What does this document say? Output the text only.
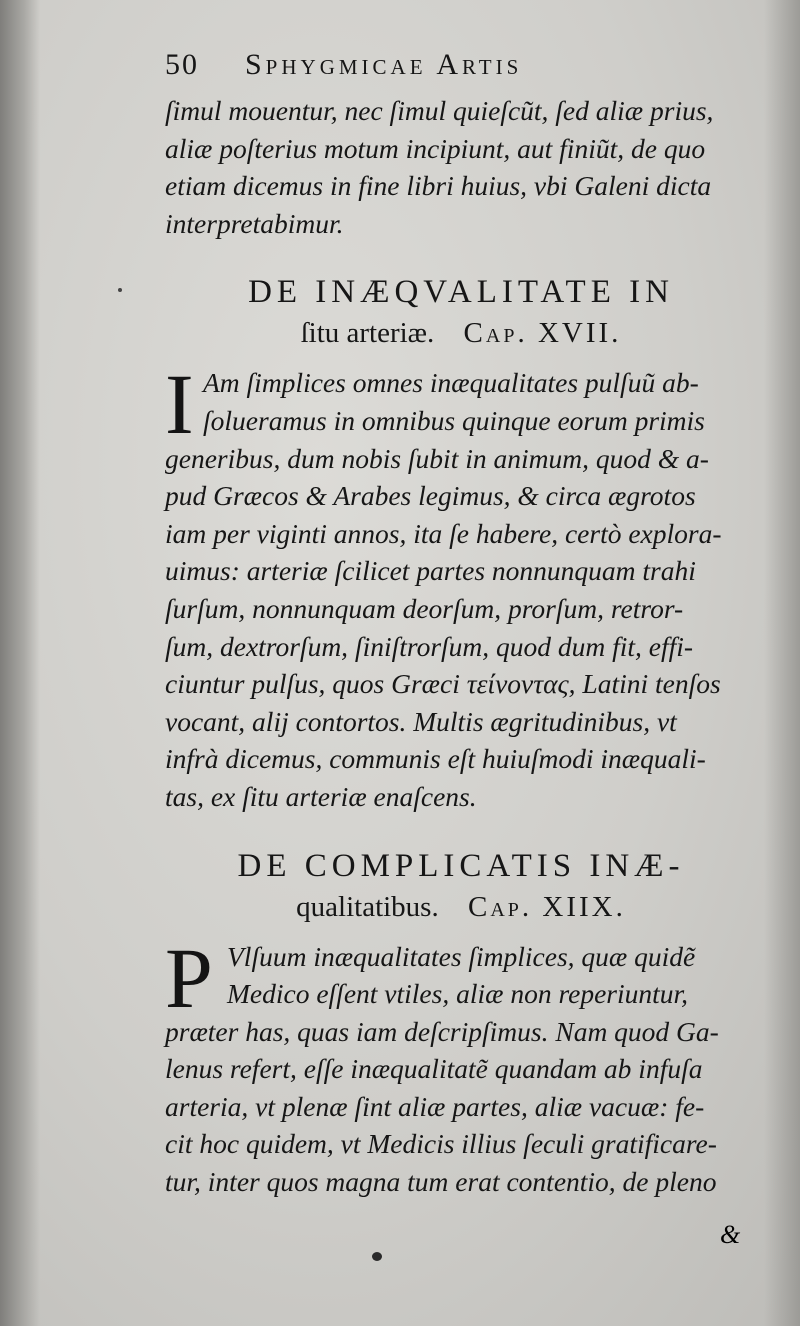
50	Sphygmicae Artis
ſimul mouentur, nec ſimul quieſcũt, ſed aliæ prius,
aliæ poſterius motum incipiunt, aut finiũt, de quo
etiam dicemus in fine libri huius, vbi Galeni dicta
interpretabimur.
DE INÆQVALITATE IN
ſitu arteriæ. Cap. XVII.
I Am ſimplices omnes inæqualitates pulſuũ ab-
ſolueramus in omnibus quinque eorum primis
generibus, dum nobis ſubit in animum, quod & a-
pud Græcos & Arabes legimus, & circa ægrotos
iam per viginti annos, ita ſe habere, certò explora-
uimus: arteriæ ſcilicet partes nonnunquam trahi
ſurſum, nonnunquam deorſum, prorſum, retror-
ſum, dextrorſum, ſiniſtrorſum, quod dum fit, effi-
ciuntur pulſus, quos Græci τείνοντας, Latini tenſos
vocant, alij contortos. Multis ægritudinibus, vt
infrà dicemus, communis eſt huiuſmodi inæquali-
tas, ex ſitu arteriæ enaſcens.
DE COMPLICATIS INÆ-
qualitatibus. Cap. XIIX.
P Vlſuum inæqualitates ſimplices, quæ quidẽ
Medico eſſent vtiles, aliæ non reperiuntur,
præter has, quas iam deſcripſimus. Nam quod Ga-
lenus refert, eſſe inæqualitatẽ quandam ab infuſa
arteria, vt plenæ ſint aliæ partes, aliæ vacuæ: fe-
cit hoc quidem, vt Medicis illius ſeculi gratificare-
tur, inter quos magna tum erat contentio, de pleno
&
